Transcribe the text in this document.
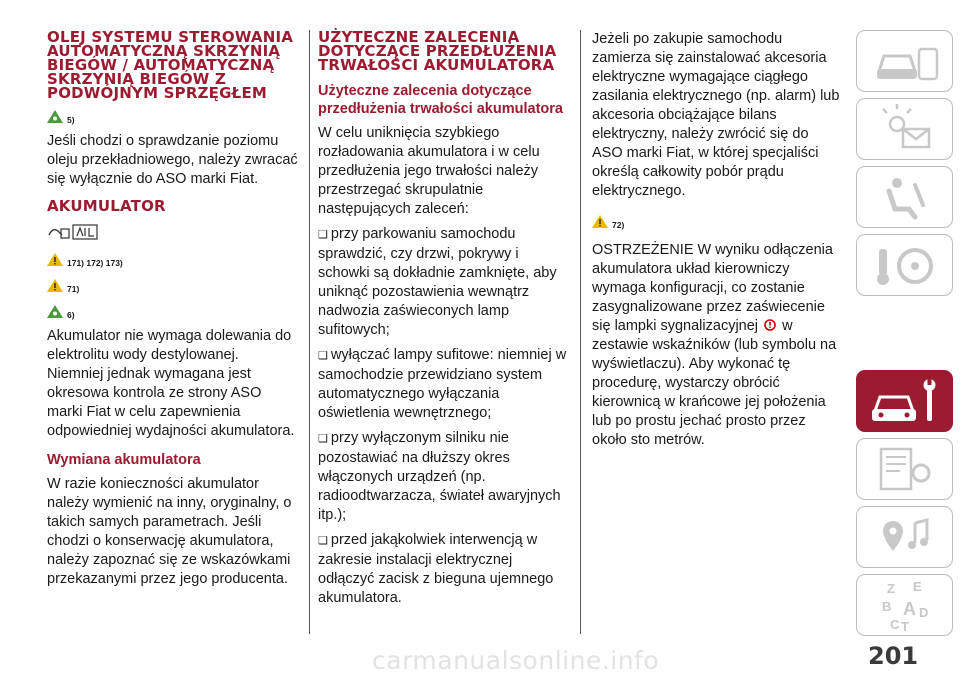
OLEJ SYSTEMU STEROWANIA AUTOMATYCZNĄ SKRZYNIĄ BIEGÓW / AUTOMATYCZNĄ SKRZYNIĄ BIEGÓW Z PODWÓJNYM SPRZĘGŁEM
5)

Jeśli chodzi o sprawdzanie poziomu oleju przekładniowego, należy zwracać się wyłącznie do ASO marki Fiat.

AKUMULATOR
171) 172) 173)
71)
6)

Akumulator nie wymaga dolewania do elektrolitu wody destylowanej. Niemniej jednak wymagana jest okresowa kontrola ze strony ASO marki Fiat w celu zapewnienia odpowiedniej wydajności akumulatora.

Wymiana akumulatora

W razie konieczności akumulator należy wymienić na inny, oryginalny, o takich samych parametrach. Jeśli chodzi o konserwację akumulatora, należy zapoznać się ze wskazówkami przekazanymi przez jego producenta.

UŻYTECZNE ZALECENIA DOTYCZĄCE PRZEDŁUŻENIA TRWAŁOŚCI AKUMULATORA
Użyteczne zalecenia dotyczące przedłużenia trwałości akumulatora

W celu uniknięcia szybkiego rozładowania akumulatora i w celu przedłużenia jego trwałości należy przestrzegać skrupulatnie następujących zaleceń:

❑ przy parkowaniu samochodu sprawdzić, czy drzwi, pokrywy i schowki są dokładnie zamknięte, aby uniknąć pozostawienia wewnątrz nadwozia zaświeconych lamp sufitowych;

❑ wyłączać lampy sufitowe: niemniej w samochodzie przewidziano system automatycznego wyłączania oświetlenia wewnętrznego;

❑ przy wyłączonym silniku nie pozostawiać na dłuższy okres włączonych urządzeń (np. radioodtwarzacza, świateł awaryjnych itp.);

❑ przed jakąkolwiek interwencją w zakresie instalacji elektrycznej odłączyć zacisk z bieguna ujemnego akumulatora.

Jeżeli po zakupie samochodu zamierza się zainstalować akcesoria elektryczne wymagające ciągłego zasilania elektrycznego (np. alarm) lub akcesoria obciążające bilans elektryczny, należy zwrócić się do ASO marki Fiat, w której specjaliści określą całkowity pobór prądu elektrycznego.

72)

OSTRZEŻENIE W wyniku odłączenia akumulatora układ kierowniczy wymaga konfiguracji, co zostanie zasygnalizowane przez zaświecenie się lampki sygnalizacyjnej w zestawie wskaźników (lub symbolu na wyświetlaczu). Aby wykonać tę procedurę, wystarczy obrócić kierownicą w krańcowe jej położenia lub po prostu jechać prosto przez około sto metrów.

Z E
B A
C
D
T
carmanualsonline.info	201
